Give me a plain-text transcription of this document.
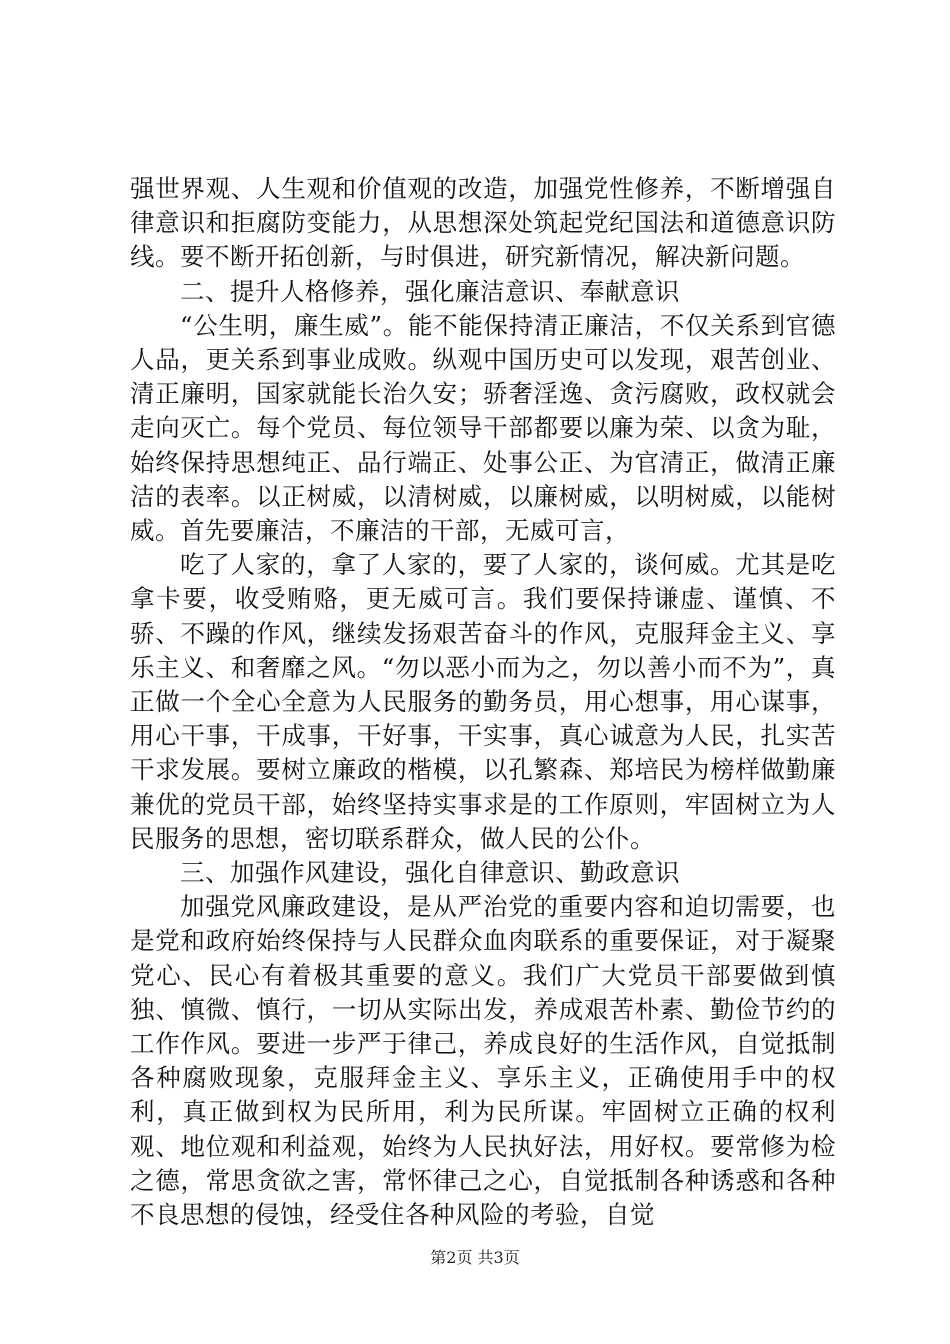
强世界观、人生观和价值观的改造，加强党性修养，不断增强自律意识和拒腐防变能力，从思想深处筑起党纪国法和道德意识防线。要不断开拓创新，与时俱进，研究新情况，解决新问题。

二、提升人格修养，强化廉洁意识、奉献意识

“公生明，廉生威”。能不能保持清正廉洁，不仅关系到官德人品，更关系到事业成败。纵观中国历史可以发现，艰苦创业、清正廉明，国家就能长治久安；骄奢淫逸、贪污腐败，政权就会走向灭亡。每个党员、每位领导干部都要以廉为荣、以贪为耻，始终保持思想纯正、品行端正、处事公正、为官清正，做清正廉洁的表率。以正树威，以清树威，以廉树威，以明树威，以能树威。首先要廉洁，不廉洁的干部，无威可言，

吃了人家的，拿了人家的，要了人家的，谈何威。尤其是吃拿卡要，收受贿赂，更无威可言。我们要保持谦虚、谨慎、不骄、不躁的作风，继续发扬艰苦奋斗的作风，克服拜金主义、享乐主义、和奢靡之风。“勿以恶小而为之，勿以善小而不为”，真正做一个全心全意为人民服务的勤务员，用心想事，用心谋事，用心干事，干成事，干好事，干实事，真心诚意为人民，扎实苦干求发展。要树立廉政的楷模，以孔繁森、郑培民为榜样做勤廉兼优的党员干部，始终坚持实事求是的工作原则，牢固树立为人民服务的思想，密切联系群众，做人民的公仆。

三、加强作风建设，强化自律意识、勤政意识

加强党风廉政建设，是从严治党的重要内容和迫切需要，也是党和政府始终保持与人民群众血肉联系的重要保证，对于凝聚党心、民心有着极其重要的意义。我们广大党员干部要做到慎独、慎微、慎行，一切从实际出发，养成艰苦朴素、勤俭节约的工作作风。要进一步严于律己，养成良好的生活作风，自觉抵制各种腐败现象，克服拜金主义、享乐主义，正确使用手中的权利，真正做到权为民所用，利为民所谋。牢固树立正确的权利观、地位观和利益观，始终为人民执好法，用好权。要常修为检之德，常思贪欲之害，常怀律己之心，自觉抵制各种诱惑和各种不良思想的侵蚀，经受住各种风险的考验，自觉

第2页 共3页
